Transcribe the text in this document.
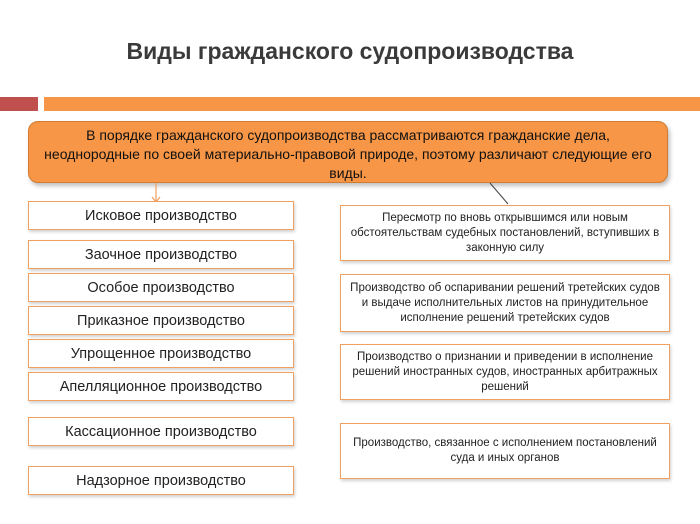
Виды гражданского судопроизводства
В порядке гражданского судопроизводства рассматриваются гражданские дела, неоднородные по своей материально-правовой природе, поэтому различают следующие его виды.
Исковое производство
Заочное производство
Особое производство
Приказное производство
Упрощенное производство
Апелляционное производство
Кассационное производство
Надзорное производство
Пересмотр по вновь открывшимся или новым обстоятельствам судебных постановлений, вступивших в законную силу
Производство об оспаривании решений третейских судов и выдаче исполнительных листов на принудительное исполнение решений третейских судов
Производство о признании и приведении в исполнение решений иностранных судов, иностранных арбитражных решений
Производство, связанное с исполнением постановлений суда и иных органов
